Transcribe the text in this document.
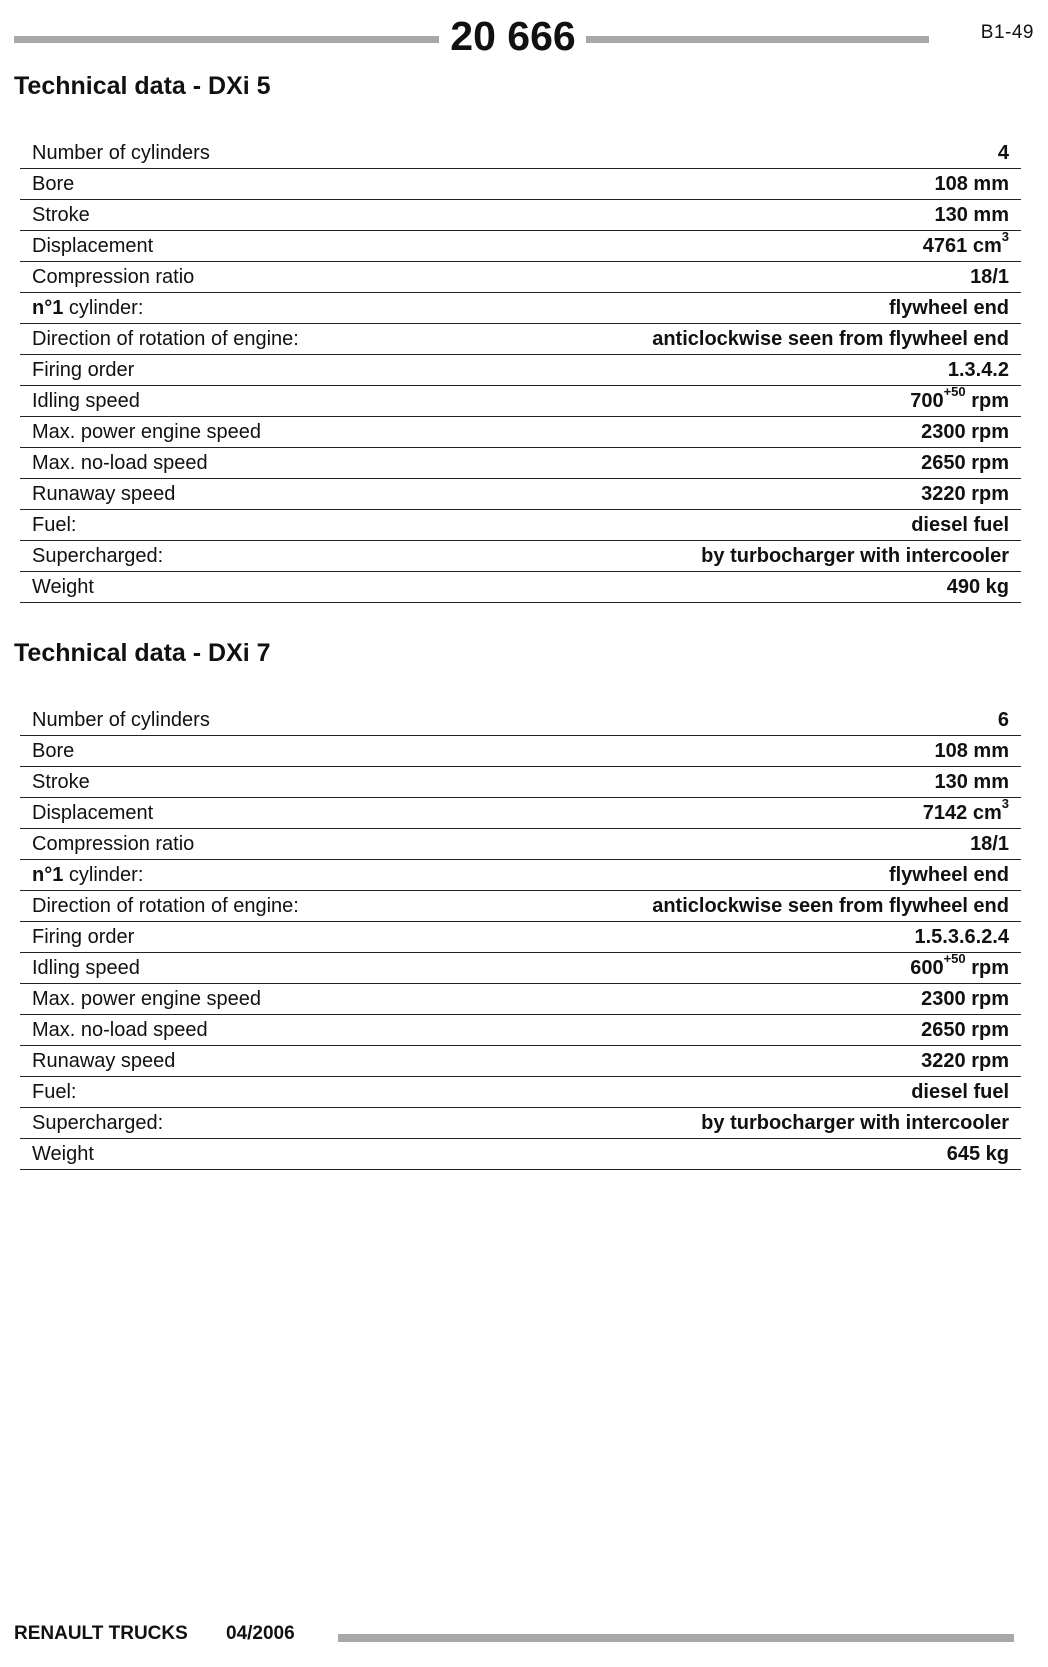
20 666	B1-49
Technical data - DXi 5
Number of cylinders	4
Bore	108 mm
Stroke	130 mm
Displacement	4761 $cm^3$
Compression ratio	18/1
n°1 cylinder:	flywheel end
Direction of rotation of engine:	anticlockwise seen from flywheel end
Firing order	1.3.4.2
Idling speed	$700^{+50}$ rpm
Max. power engine speed	2300 rpm
Max. no-load speed	2650 rpm
Runaway speed	3220 rpm
Fuel:	diesel fuel
Supercharged:	by turbocharger with intercooler
Weight	490 kg
Technical data - DXi 7
Number of cylinders	6
Bore	108 mm
Stroke	130 mm
Displacement	7142 $cm^3$
Compression ratio	18/1
n°1 cylinder:	flywheel end
Direction of rotation of engine:	anticlockwise seen from flywheel end
Firing order	1.5.3.6.2.4
Idling speed	$600^{+50}$ rpm
Max. power engine speed	2300 rpm
Max. no-load speed	2650 rpm
Runaway speed	3220 rpm
Fuel:	diesel fuel
Supercharged:	by turbocharger with intercooler
Weight	645 kg
RENAULT TRUCKS 04/2006
